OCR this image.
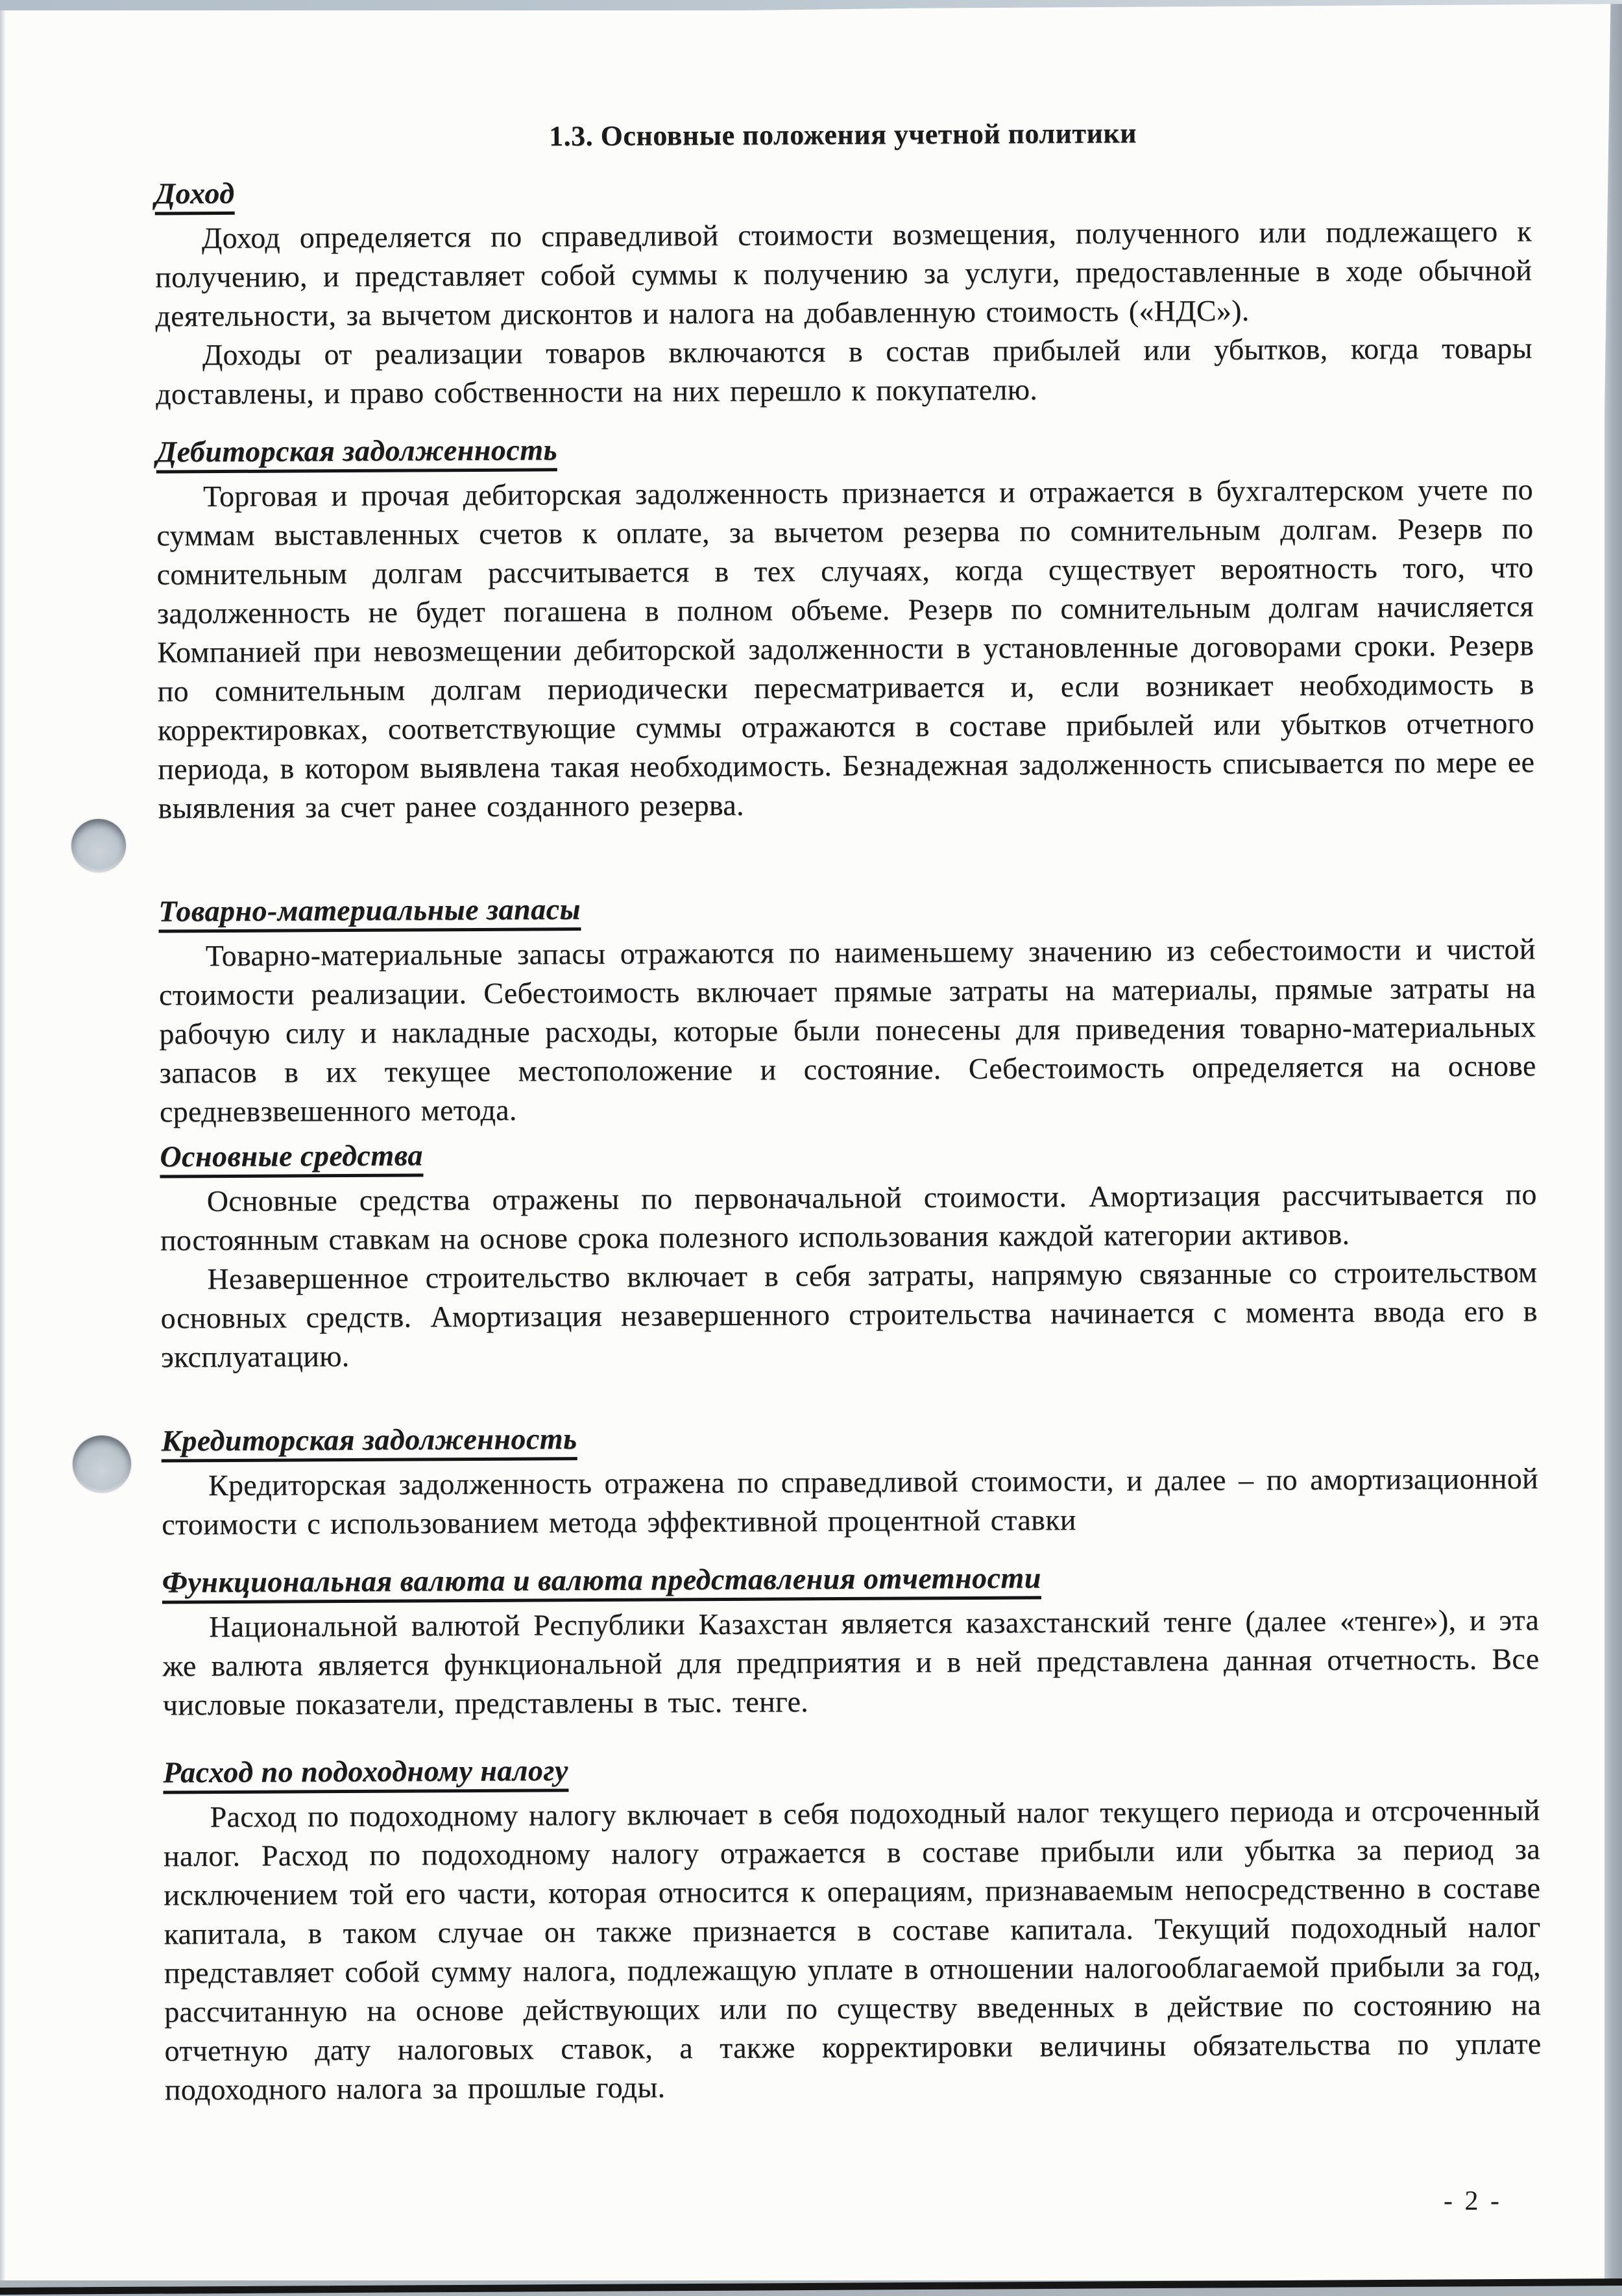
1.3. Основные положения учетной политики
Доход

Доход определяется по справедливой стоимости возмещения, полученного или подлежащего к получению, и представляет собой суммы к получению за услуги, предоставленные в ходе обычной деятельности, за вычетом дисконтов и налога на добавленную стоимость («НДС»).

Доходы от реализации товаров включаются в состав прибылей или убытков, когда товары доставлены, и право собственности на них перешло к покупателю.

Дебиторская задолженность

Торговая и прочая дебиторская задолженность признается и отражается в бухгалтерском учете по суммам выставленных счетов к оплате, за вычетом резерва по сомнительным долгам. Резерв по сомнительным долгам рассчитывается в тех случаях, когда существует вероятность того, что задолженность не будет погашена в полном объеме. Резерв по сомнительным долгам начисляется Компанией при невозмещении дебиторской задолженности в установленные договорами сроки. Резерв по сомнительным долгам периодически пересматривается и, если возникает необходимость в корректировках, соответствующие суммы отражаются в составе прибылей или убытков отчетного периода, в котором выявлена такая необходимость. Безнадежная задолженность списывается по мере ее выявления за счет ранее созданного резерва.

Товарно-материальные запасы

Товарно-материальные запасы отражаются по наименьшему значению из себестоимости и чистой стоимости реализации. Себестоимость включает прямые затраты на материалы, прямые затраты на рабочую силу и накладные расходы, которые были понесены для приведения товарно-материальных запасов в их текущее местоположение и состояние. Себестоимость определяется на основе средневзвешенного метода.

Основные средства

Основные средства отражены по первоначальной стоимости. Амортизация рассчитывается по постоянным ставкам на основе срока полезного использования каждой категории активов.

Незавершенное строительство включает в себя затраты, напрямую связанные со строительством основных средств. Амортизация незавершенного строительства начинается с момента ввода его в эксплуатацию.

Кредиторская задолженность

Кредиторская задолженность отражена по справедливой стоимости, и далее – по амортизационной стоимости с использованием метода эффективной процентной ставки

Функциональная валюта и валюта представления отчетности

Национальной валютой Республики Казахстан является казахстанский тенге (далее «тенге»), и эта же валюта является функциональной для предприятия и в ней представлена данная отчетность. Все числовые показатели, представлены в тыс. тенге.

Расход по подоходному налогу

Расход по подоходному налогу включает в себя подоходный налог текущего периода и отсроченный налог. Расход по подоходному налогу отражается в составе прибыли или убытка за период за исключением той его части, которая относится к операциям, признаваемым непосредственно в составе капитала, в таком случае он также признается в составе капитала. Текущий подоходный налог представляет собой сумму налога, подлежащую уплате в отношении налогооблагаемой прибыли за год, рассчитанную на основе действующих или по существу введенных в действие по состоянию на отчетную дату налоговых ставок, а также корректировки величины обязательства по уплате подоходного налога за прошлые годы.

- 2 -
